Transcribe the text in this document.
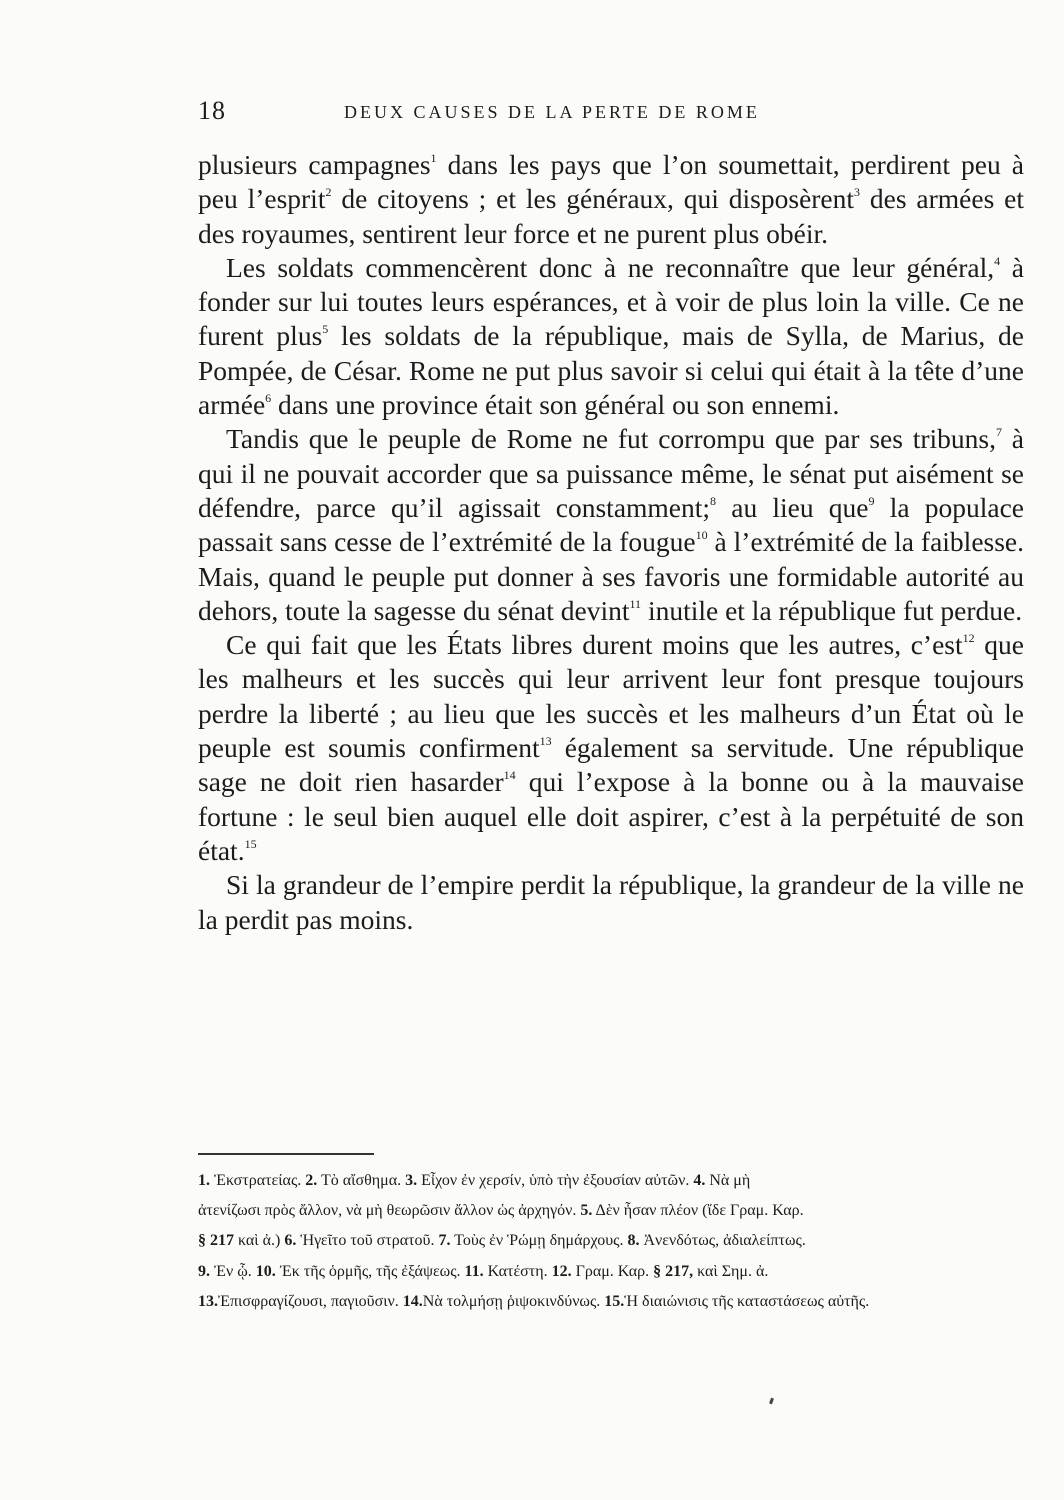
18	DEUX CAUSES DE LA PERTE DE ROME

plusieurs campagnes$^1$ dans les pays que l’on soumettait, perdirent peu à peu l’esprit$^2$ de citoyens ; et les généraux, qui disposèrent$^3$ des armées et des royaumes, sentirent leur force et ne purent plus obéir.

Les soldats commencèrent donc à ne reconnaître que leur général,$^4$ à fonder sur lui toutes leurs espérances, et à voir de plus loin la ville. Ce ne furent plus$^5$ les soldats de la république, mais de Sylla, de Marius, de Pompée, de César. Rome ne put plus savoir si celui qui était à la tête d’une armée$^6$ dans une province était son général ou son ennemi.

Tandis que le peuple de Rome ne fut corrompu que par ses tribuns,$^7$ à qui il ne pouvait accorder que sa puissance même, le sénat put aisément se défendre, parce qu’il agissait constamment;$^8$ au lieu que$^9$ la populace passait sans cesse de l’extrémité de la fougue$^{10}$ à l’extrémité de la faiblesse. Mais, quand le peuple put donner à ses favoris une formidable autorité au dehors, toute la sagesse du sénat devint$^{11}$ inutile et la république fut perdue.

Ce qui fait que les États libres durent moins que les autres, c’est$^{12}$ que les malheurs et les succès qui leur arrivent leur font presque toujours perdre la liberté ; au lieu que les succès et les malheurs d’un État où le peuple est soumis confirment$^{13}$ également sa servitude. Une république sage ne doit rien hasarder$^{14}$ qui l’expose à la bonne ou à la mauvaise fortune : le seul bien auquel elle doit aspirer, c’est à la perpétuité de son état.$^{15}$

Si la grandeur de l’empire perdit la république, la grandeur de la ville ne la perdit pas moins.

1. Ἐκστρατείας. 2. Τὸ αἴσθημα. 3. Εἶχον ἐν χερσίν, ὑπὸ τὴν ἐξουσίαν αὐτῶν. 4. Νὰ μὴ
ἀτενίζωσι πρὸς ἄλλον, νὰ μὴ θεωρῶσιν ἄλλον ὡς ἀρχηγόν. 5. Δὲν ἦσαν πλέον (ἴδε Γραμ. Καρ.
§ 217 καὶ ἀ.) 6. Ἡγεῖτο τοῦ στρατοῦ. 7. Τοὺς ἐν Ῥώμῃ δημάρχους. 8. Ἀνενδότως, ἀδιαλείπτως.
9. Ἐν ᾧ. 10. Ἐκ τῆς ὁρμῆς, τῆς ἐξάψεως. 11. Κατέστη. 12. Γραμ. Καρ. § 217, καὶ Σημ. ἀ.
13.Ἐπισφραγίζουσι, παγιοῦσιν. 14.Νὰ τολμήσῃ ῥιψοκινδύνως. 15.Ἡ διαιώνισις τῆς καταστάσεως αὐτῆς.
